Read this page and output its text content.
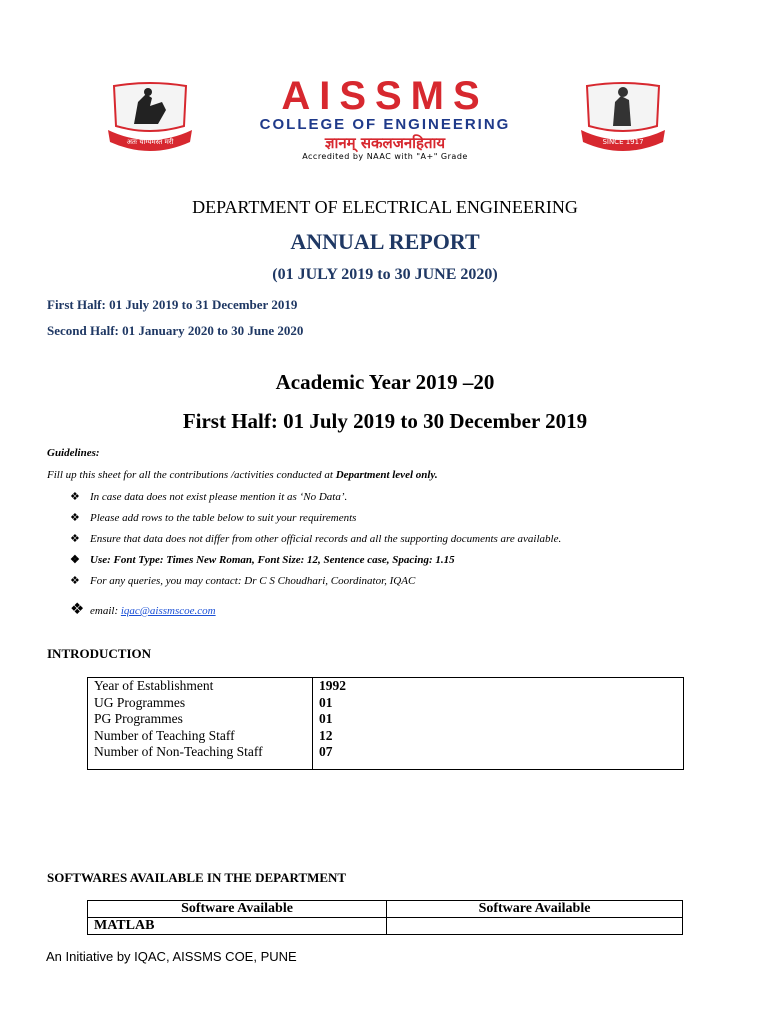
अतः योग्यमस्त मरी
AISSMS
COLLEGE OF ENGINEERING
ज्ञानम् सकलजनहिताय
Accredited by NAAC with "A+" Grade
SINCE 1917
DEPARTMENT OF ELECTRICAL ENGINEERING
ANNUAL REPORT
(01 JULY 2019 to 30 JUNE 2020)
First Half: 01 July 2019 to 31 December 2019
Second Half: 01 January 2020 to 30 June 2020
Academic Year 2019 –20
First Half: 01 July 2019 to 30 December 2019
Guidelines:
Fill up this sheet for all the contributions /activities conducted at Department level only.
❖ In case data does not exist please mention it as ‘No Data’.
❖ Please add rows to the table below to suit your requirements
❖ Ensure that data does not differ from other official records and all the supporting documents are available.
❖ Use: Font Type: Times New Roman, Font Size: 12, Sentence case, Spacing: 1.15
❖ For any queries, you may contact: Dr C S Choudhari, Coordinator, IQAC
❖ email: iqac@aissmscoe.com
INTRODUCTION
Year of Establishment	1992
UG Programmes	01
PG Programmes	01
Number of Teaching Staff	12
Number of Non-Teaching Staff	07
SOFTWARES AVAILABLE IN THE DEPARTMENT
Software Available	Software Available
MATLAB	
An Initiative by IQAC, AISSMS COE, PUNE
